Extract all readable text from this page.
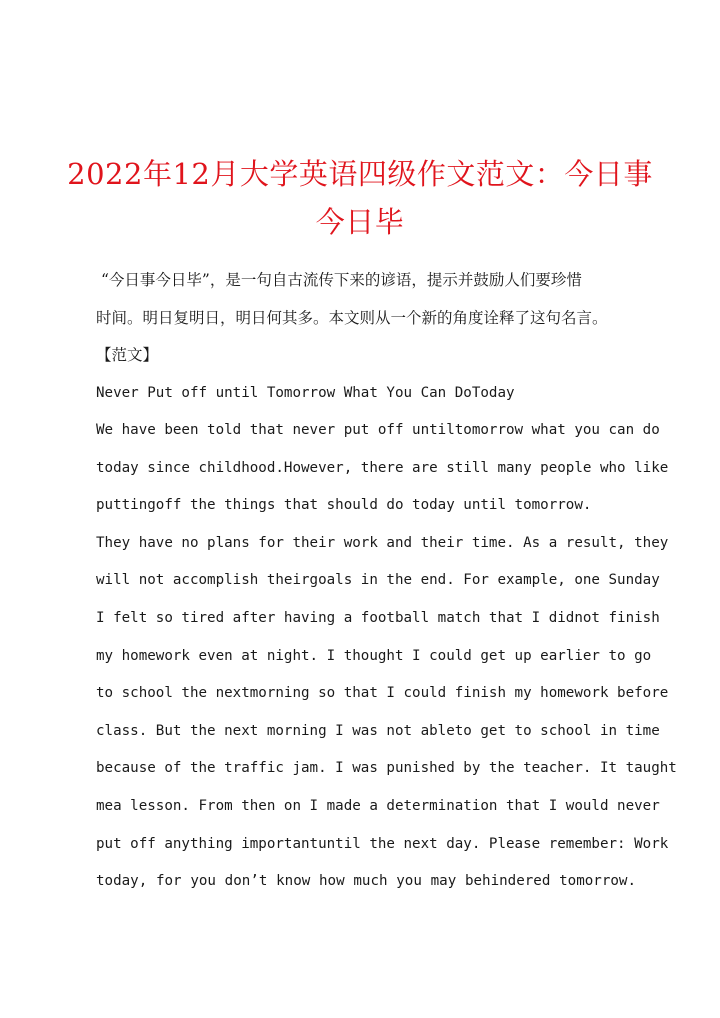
2022年12月大学英语四级作文范文：今日事
今日毕

“今日事今日毕”，是一句自古流传下来的谚语，提示并鼓励人们要珍惜
时间。明日复明日，明日何其多。本文则从一个新的角度诠释了这句名言。

【范文】

Never Put off until Tomorrow What You Can DoToday
We have been told that never put off untiltomorrow what you can do
today since childhood.However, there are still many people who like
puttingoff the things that should do today until tomorrow.
They have no plans for their work and their time. As a result, they
will not accomplish theirgoals in the end. For example, one Sunday
I felt so tired after having a football match that I didnot finish
my homework even at night. I thought I could get up earlier to go
to school the nextmorning so that I could finish my homework before
class. But the next morning I was not ableto get to school in time
because of the traffic jam. I was punished by the teacher. It taught
mea lesson. From then on I made a determination that I would never
put off anything importantuntil the next day. Please remember: Work
today, for you don’t know how much you may behindered tomorrow.
